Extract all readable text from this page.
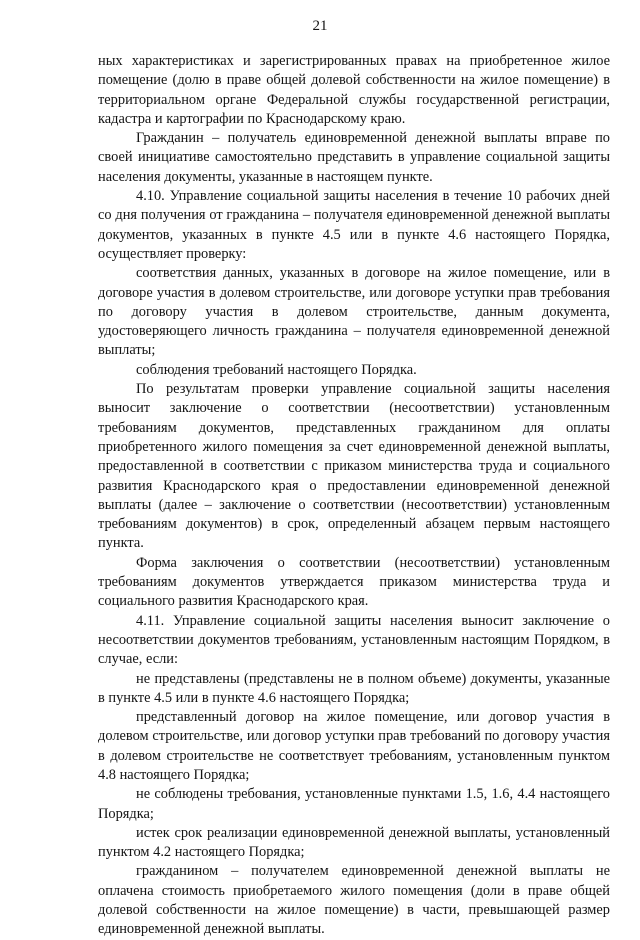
21

ных характеристиках и зарегистрированных правах на приобретенное жилое помещение (долю в праве общей долевой собственности на жилое помещение) в территориальном органе Федеральной службы государственной регистрации, кадастра и картографии по Краснодарскому краю.

Гражданин – получатель единовременной денежной выплаты вправе по своей инициативе самостоятельно представить в управление социальной защиты населения документы, указанные в настоящем пункте.

4.10. Управление социальной защиты населения в течение 10 рабочих дней со дня получения от гражданина – получателя единовременной денежной выплаты документов, указанных в пункте 4.5 или в пункте 4.6 настоящего Порядка, осуществляет проверку:

соответствия данных, указанных в договоре на жилое помещение, или в договоре участия в долевом строительстве, или договоре уступки прав требования по договору участия в долевом строительстве, данным документа, удостоверяющего личность гражданина – получателя единовременной денежной выплаты;

соблюдения требований настоящего Порядка.

По результатам проверки управление социальной защиты населения выносит заключение о соответствии (несоответствии) установленным требованиям документов, представленных гражданином для оплаты приобретенного жилого помещения за счет единовременной денежной выплаты, предоставленной в соответствии с приказом министерства труда и социального развития Краснодарского края о предоставлении единовременной денежной выплаты (далее – заключение о соответствии (несоответствии) установленным требованиям документов) в срок, определенный абзацем первым настоящего пункта.

Форма заключения о соответствии (несоответствии) установленным требованиям документов утверждается приказом министерства труда и социального развития Краснодарского края.

4.11. Управление социальной защиты населения выносит заключение о несоответствии документов требованиям, установленным настоящим Порядком, в случае, если:

не представлены (представлены не в полном объеме) документы, указанные в пункте 4.5 или в пункте 4.6 настоящего Порядка;

представленный договор на жилое помещение, или договор участия в долевом строительстве, или договор уступки прав требований по договору участия в долевом строительстве не соответствует требованиям, установленным пунктом 4.8 настоящего Порядка;

не соблюдены требования, установленные пунктами 1.5, 1.6, 4.4 настоящего Порядка;

истек срок реализации единовременной денежной выплаты, установленный пунктом 4.2 настоящего Порядка;

гражданином – получателем единовременной денежной выплаты не оплачена стоимость приобретаемого жилого помещения (доли в праве общей долевой собственности на жилое помещение) в части, превышающей размер единовременной денежной выплаты.
